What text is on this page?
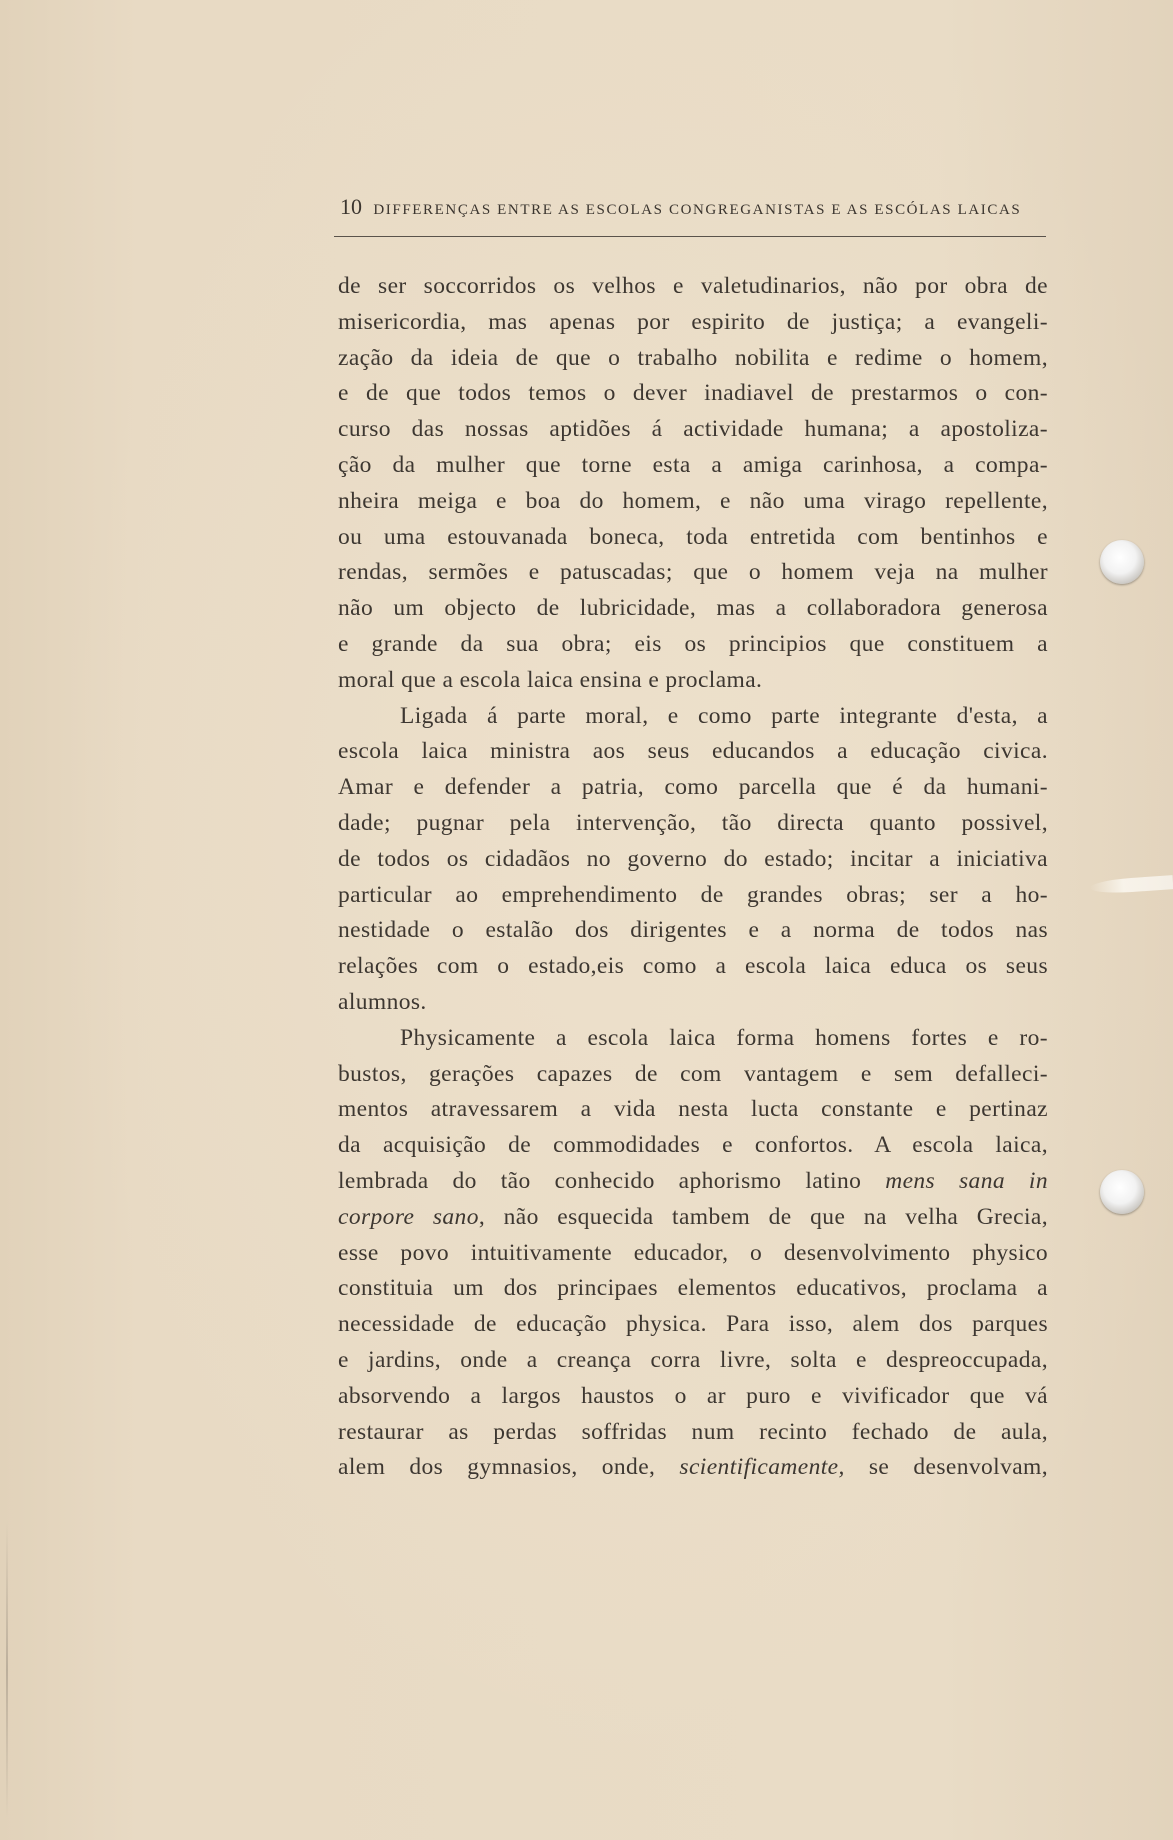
10 DIFFERENÇAS ENTRE AS ESCOLAS CONGREGANISTAS E AS ESCÓLAS LAICAS
de ser soccorridos os velhos e valetudinarios, não por obra de
misericordia, mas apenas por espirito de justiça; a evangeli-
zação da ideia de que o trabalho nobilita e redime o homem,
e de que todos temos o dever inadiavel de prestarmos o con-
curso das nossas aptidões á actividade humana; a apostoliza-
ção da mulher que torne esta a amiga carinhosa, a compa-
nheira meiga e boa do homem, e não uma virago repellente,
ou uma estouvanada boneca, toda entretida com bentinhos e
rendas, sermões e patuscadas; que o homem veja na mulher
não um objecto de lubricidade, mas a collaboradora generosa
e grande da sua obra; eis os principios que constituem a
moral que a escola laica ensina e proclama.
Ligada á parte moral, e como parte integrante d'esta, a
escola laica ministra aos seus educandos a educação civica.
Amar e defender a patria, como parcella que é da humani-
dade; pugnar pela intervenção, tão directa quanto possivel,
de todos os cidadãos no governo do estado; incitar a iniciativa
particular ao emprehendimento de grandes obras; ser a ho-
nestidade o estalão dos dirigentes e a norma de todos nas
relações com o estado,eis como a escola laica educa os seus
alumnos.
Physicamente a escola laica forma homens fortes e ro-
bustos, gerações capazes de com vantagem e sem defalleci-
mentos atravessarem a vida nesta lucta constante e pertinaz
da acquisição de commodidades e confortos. A escola laica,
lembrada do tão conhecido aphorismo latino mens sana in
corpore sano, não esquecida tambem de que na velha Grecia,
esse povo intuitivamente educador, o desenvolvimento physico
constituia um dos principaes elementos educativos, proclama a
necessidade de educação physica. Para isso, alem dos parques
e jardins, onde a creança corra livre, solta e despreoccupada,
absorvendo a largos haustos o ar puro e vivificador que vá
restaurar as perdas soffridas num recinto fechado de aula,
alem dos gymnasios, onde, scientificamente, se desenvolvam,
